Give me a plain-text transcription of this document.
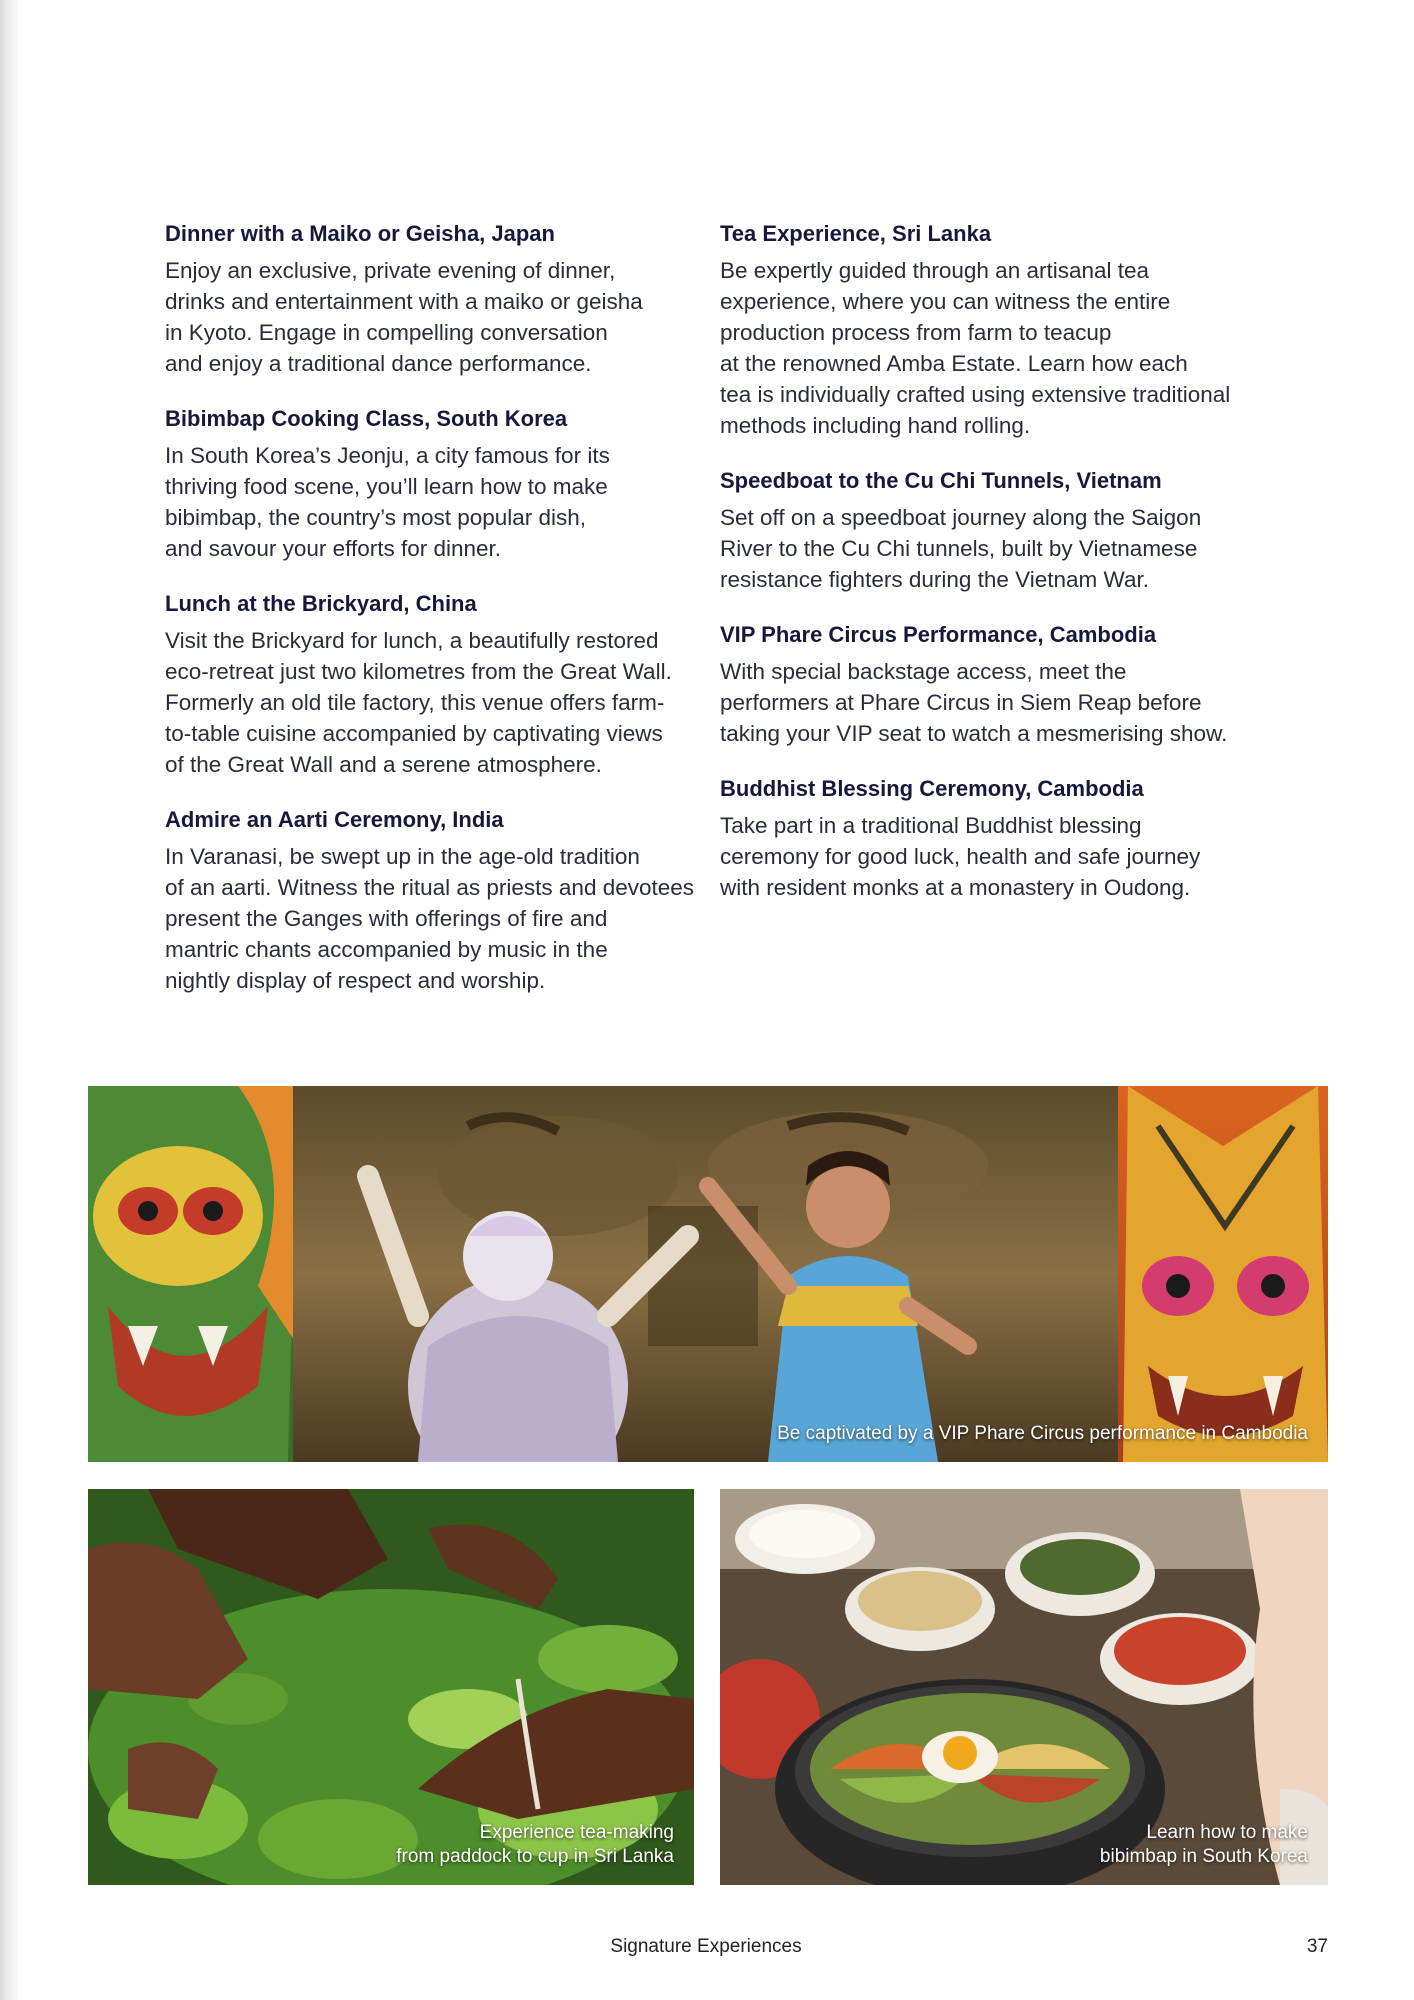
Dinner with a Maiko or Geisha, Japan
Enjoy an exclusive, private evening of dinner,
drinks and entertainment with a maiko or geisha
in Kyoto. Engage in compelling conversation
and enjoy a traditional dance performance.
Bibimbap Cooking Class, South Korea
In South Korea’s Jeonju, a city famous for its
thriving food scene, you’ll learn how to make
bibimbap, the country’s most popular dish,
and savour your efforts for dinner.
Lunch at the Brickyard, China
Visit the Brickyard for lunch, a beautifully restored
eco-retreat just two kilometres from the Great Wall.
Formerly an old tile factory, this venue offers farm-
to-table cuisine accompanied by captivating views
of the Great Wall and a serene atmosphere.
Admire an Aarti Ceremony, India
In Varanasi, be swept up in the age-old tradition
of an aarti. Witness the ritual as priests and devotees
present the Ganges with offerings of fire and
mantric chants accompanied by music in the
nightly display of respect and worship.
Tea Experience, Sri Lanka
Be expertly guided through an artisanal tea
experience, where you can witness the entire
production process from farm to teacup
at the renowned Amba Estate. Learn how each
tea is individually crafted using extensive traditional
methods including hand rolling.
Speedboat to the Cu Chi Tunnels, Vietnam
Set off on a speedboat journey along the Saigon
River to the Cu Chi tunnels, built by Vietnamese
resistance fighters during the Vietnam War.
VIP Phare Circus Performance, Cambodia
With special backstage access, meet the
performers at Phare Circus in Siem Reap before
taking your VIP seat to watch a mesmerising show.
Buddhist Blessing Ceremony, Cambodia
Take part in a traditional Buddhist blessing
ceremony for good luck, health and safe journey
with resident monks at a monastery in Oudong.
Be captivated by a VIP Phare Circus performance in Cambodia
Experience tea-making
from paddock to cup in Sri Lanka
Learn how to make
bibimbap in South Korea
Signature Experiences	37
